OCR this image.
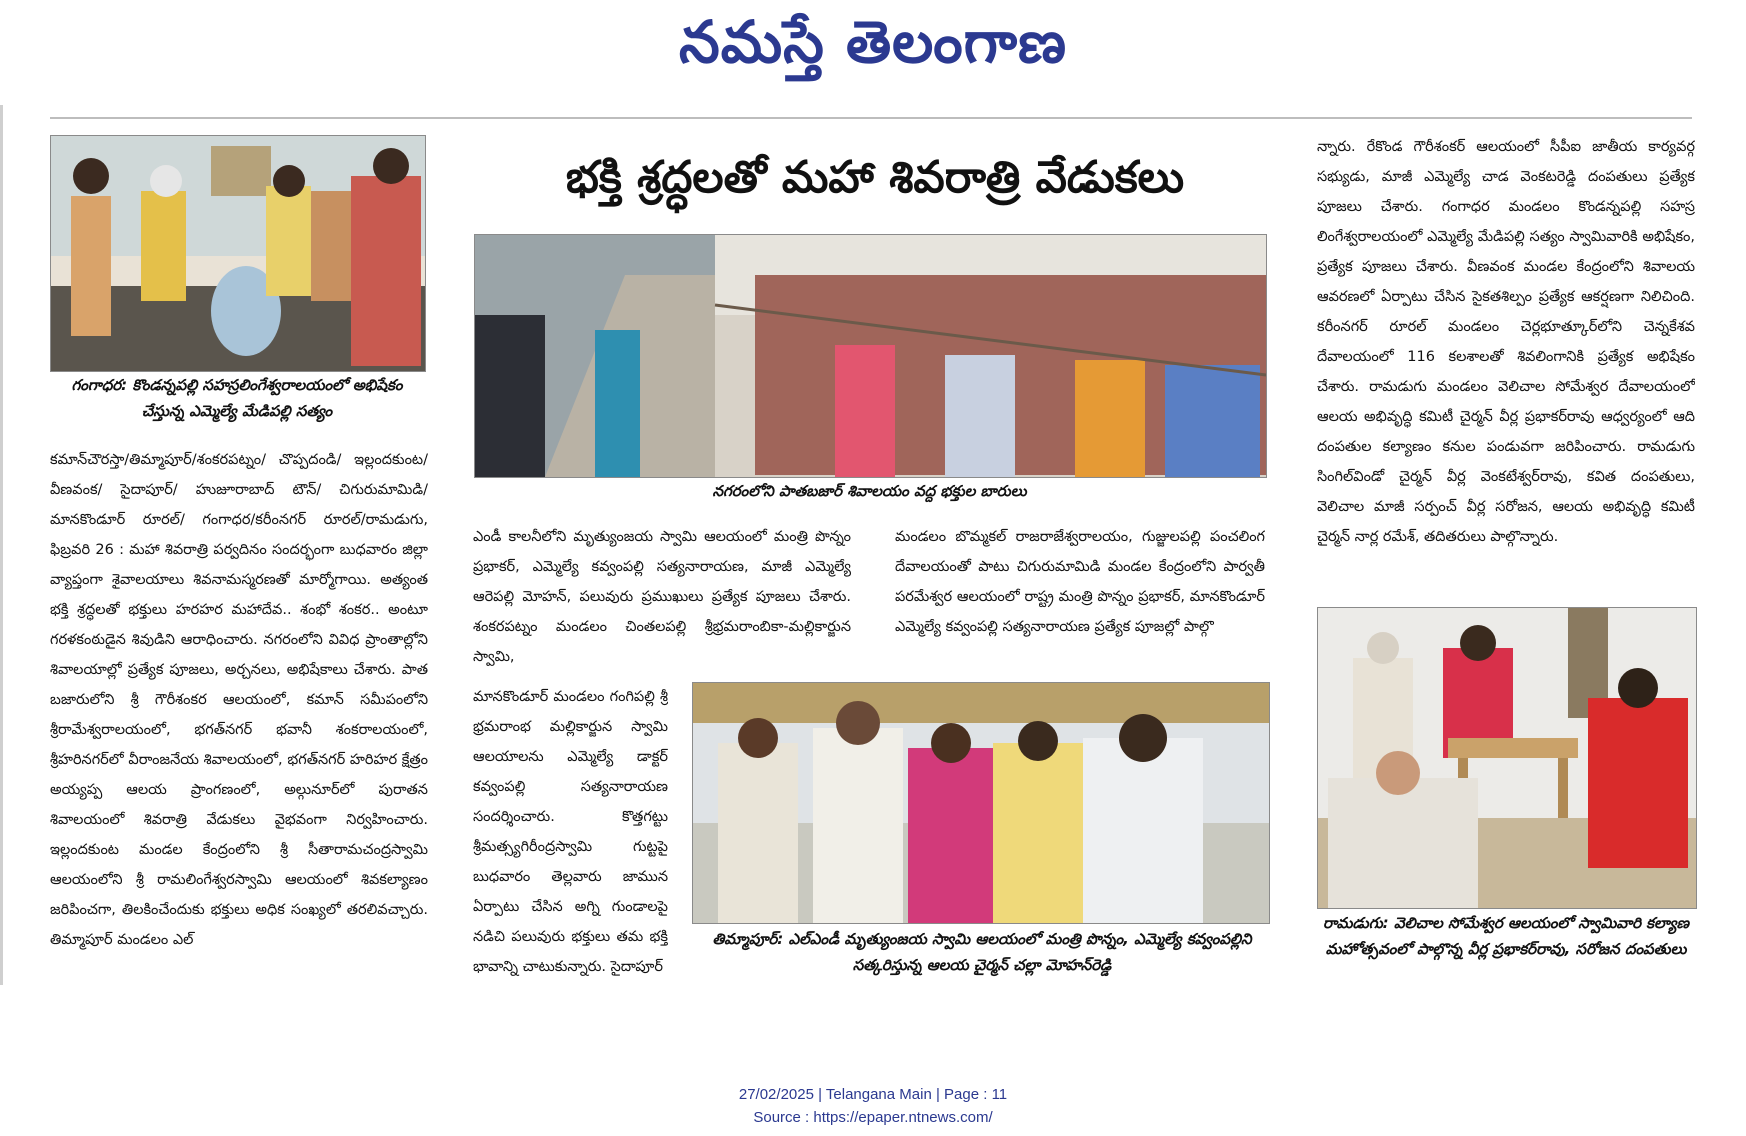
నమస్తే తెలంగాణ
గంగాధర: కొండన్నపల్లి సహస్రలింగేశ్వరాలయంలో అభిషేకం చేస్తున్న ఎమ్మెల్యే మేడిపల్లి సత్యం
కమాన్‌చౌరస్తా/తిమ్మాపూర్/శంకరపట్నం/ చొప్పదండి/ ఇల్లందకుంట/ వీణవంక/ సైదాపూర్/ హుజూరాబాద్ టౌన్/ చిగురుమామిడి/ మానకొండూర్ రూరల్/ గంగాధర/కరీంనగర్ రూరల్/రామడుగు, ఫిబ్రవరి 26 : మహా శివరాత్రి పర్వదినం సందర్భంగా బుధవారం జిల్లా వ్యాప్తంగా శైవాలయాలు శివనామస్మరణతో మార్మోగాయి. అత్యంత భక్తి శ్రద్ధలతో భక్తులు హరహర మహాదేవ.. శంభో శంకర.. అంటూ గరళకంఠుడైన శివుడిని ఆరాధించారు. నగరంలోని వివిధ ప్రాంతాల్లోని శివాలయాల్లో ప్రత్యేక పూజలు, అర్చనలు, అభిషేకాలు చేశారు. పాత బజారులోని శ్రీ గౌరీశంకర ఆలయంలో, కమాన్ సమీపంలోని శ్రీరామేశ్వరాలయంలో, భగత్‌నగర్ భవానీ శంకరాలయంలో, శ్రీహరినగర్‌లో వీరాంజనేయ శివాలయంలో, భగత్‌నగర్ హరిహర క్షేత్రం అయ్యప్ప ఆలయ ప్రాంగణంలో, అల్గునూర్‌లో పురాతన శివాలయంలో శివరాత్రి వేడుకలు వైభవంగా నిర్వహించారు. ఇల్లందకుంట మండల కేంద్రంలోని శ్రీ సీతారామచంద్రస్వామి ఆలయంలోని శ్రీ రామలింగేశ్వరస్వామి ఆలయంలో శివకల్యాణం జరిపించగా, తిలకించేందుకు భక్తులు అధిక సంఖ్యలో తరలివచ్చారు. తిమ్మాపూర్ మండలం ఎల్
భక్తి శ్రద్ధలతో మహా శివరాత్రి వేడుకలు
నగరంలోని పాతబజార్ శివాలయం వద్ద భక్తుల బారులు
ఎండీ కాలనీలోని మృత్యుంజయ స్వామి ఆలయంలో మంత్రి పొన్నం ప్రభాకర్, ఎమ్మెల్యే కవ్వంపల్లి సత్యనారాయణ, మాజీ ఎమ్మెల్యే ఆరెపల్లి మోహన్, పలువురు ప్రముఖులు ప్రత్యేక పూజలు చేశారు. శంకరపట్నం మండలం చింతలపల్లి శ్రీభ్రమరాంబికా-మల్లికార్జున స్వామి,
మండలం బొమ్మకల్ రాజరాజేశ్వరాలయం, గుజ్జులపల్లి పంచలింగ దేవాలయంతో పాటు చిగురుమామిడి మండల కేంద్రంలోని పార్వతీ పరమేశ్వర ఆలయంలో రాష్ట్ర మంత్రి పొన్నం ప్రభాకర్, మానకొండూర్ ఎమ్మెల్యే కవ్వంపల్లి సత్యనారాయణ ప్రత్యేక పూజల్లో పాల్గొ
మానకొండూర్ మండలం గంగిపల్లి శ్రీ భ్రమరాంభ మల్లికార్జున స్వామి ఆలయాలను ఎమ్మెల్యే డాక్టర్ కవ్వంపల్లి సత్యనారాయణ సందర్శించారు. కొత్తగట్టు శ్రీమత్స్యగిరీంద్రస్వామి గుట్టపై బుధవారం తెల్లవారు జామున ఏర్పాటు చేసిన అగ్ని గుండాలపై నడిచి పలువురు భక్తులు తమ భక్తి భావాన్ని చాటుకున్నారు. సైదాపూర్
తిమ్మాపూర్: ఎల్ఎండీ మృత్యుంజయ స్వామి ఆలయంలో మంత్రి పొన్నం, ఎమ్మెల్యే కవ్వంపల్లిని సత్కరిస్తున్న ఆలయ చైర్మన్ చల్లా మోహన్‌రెడ్డి
న్నారు. రేకొండ గౌరీశంకర్ ఆలయంలో సీపీఐ జాతీయ కార్యవర్గ సభ్యుడు, మాజీ ఎమ్మెల్యే చాడ వెంకటరెడ్డి దంపతులు ప్రత్యేక పూజలు చేశారు. గంగాధర మండలం కొండన్నపల్లి సహస్ర లింగేశ్వరాలయంలో ఎమ్మెల్యే మేడిపల్లి సత్యం స్వామివారికి అభిషేకం, ప్రత్యేక పూజలు చేశారు. వీణవంక మండల కేంద్రంలోని శివాలయ ఆవరణలో ఏర్పాటు చేసిన సైకతశిల్పం ప్రత్యేక ఆకర్షణగా నిలిచింది. కరీంనగర్ రూరల్ మండలం చెర్లభూత్కూర్‌లోని చెన్నకేశవ దేవాలయంలో 116 కలశాలతో శివలింగానికి ప్రత్యేక అభిషేకం చేశారు. రామడుగు మండలం వెలిచాల సోమేశ్వర దేవాలయంలో ఆలయ అభివృద్ధి కమిటీ చైర్మన్ వీర్ల ప్రభాకర్‌రావు ఆధ్వర్యంలో ఆది దంపతుల కల్యాణం కనుల పండువగా జరిపించారు. రామడుగు సింగిల్‌విండో చైర్మన్ వీర్ల వెంకటేశ్వర్‌రావు, కవిత దంపతులు, వెలిచాల మాజీ సర్పంచ్ వీర్ల సరోజన, ఆలయ అభివృద్ధి కమిటీ చైర్మన్ నార్ల రమేశ్, తదితరులు పాల్గొన్నారు.
రామడుగు: వెలిచాల సోమేశ్వర ఆలయంలో స్వామివారి కల్యాణ మహోత్సవంలో పాల్గొన్న వీర్ల ప్రభాకర్‌రావు, సరోజన దంపతులు
27/02/2025 | Telangana Main | Page : 11
Source : https://epaper.ntnews.com/
